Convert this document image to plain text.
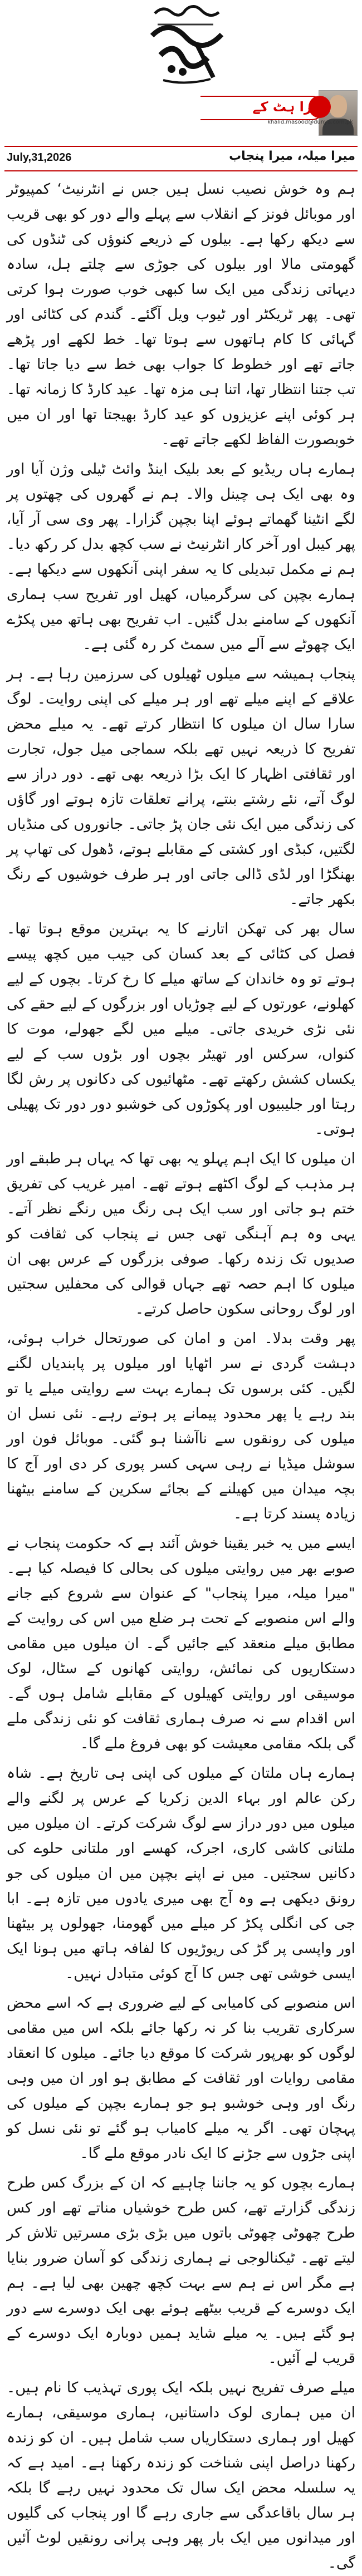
ذرا ہٹ کے
khalid.masood@dunya.com.pk
July,31,2026	میرا میلہ، میرا پنجاب

ہم وہ خوش نصیب نسل ہیں جس نے انٹرنیٹ‘ کمپیوٹر اور موبائل فونز کے انقلاب سے پہلے والے دور کو بھی قریب سے دیکھ رکھا ہے۔ بیلوں کے ذریعے کنوؤں کی ٹنڈوں کی گھومتی مالا اور بیلوں کی جوڑی سے چلتے ہل، سادہ دیہاتی زندگی میں ایک سا کبھی خوب صورت ہوا کرتی تھی۔ پھر ٹریکٹر اور ٹیوب ویل آگئے۔ گندم کی کٹائی اور گہائی کا کام ہاتھوں سے ہوتا تھا۔ خط لکھے اور پڑھے جاتے تھے اور خطوط کا جواب بھی خط سے دیا جاتا تھا۔ تب جتنا انتظار تھا، اتنا ہی مزہ تھا۔ عید کارڈ کا زمانہ تھا۔ ہر کوئی اپنے عزیزوں کو عید کارڈ بھیجتا تھا اور ان میں خوبصورت الفاظ لکھے جاتے تھے۔

ہمارے ہاں ریڈیو کے بعد بلیک اینڈ وائٹ ٹیلی وژن آیا اور وہ بھی ایک ہی چینل والا۔ ہم نے گھروں کی چھتوں پر لگے انٹینا گھماتے ہوئے اپنا بچپن گزارا۔ پھر وی سی آر آیا، پھر کیبل اور آخر کار انٹرنیٹ نے سب کچھ بدل کر رکھ دیا۔ ہم نے مکمل تبدیلی کا یہ سفر اپنی آنکھوں سے دیکھا ہے۔ ہمارے بچپن کی سرگرمیاں، کھیل اور تفریح سب ہماری آنکھوں کے سامنے بدل گئیں۔ اب تفریح بھی ہاتھ میں پکڑے ایک چھوٹے سے آلے میں سمٹ کر رہ گئی ہے۔

پنجاب ہمیشہ سے میلوں ٹھیلوں کی سرزمین رہا ہے۔ ہر علاقے کے اپنے میلے تھے اور ہر میلے کی اپنی روایت۔ لوگ سارا سال ان میلوں کا انتظار کرتے تھے۔ یہ میلے محض تفریح کا ذریعہ نہیں تھے بلکہ سماجی میل جول، تجارت اور ثقافتی اظہار کا ایک بڑا ذریعہ بھی تھے۔ دور دراز سے لوگ آتے، نئے رشتے بنتے، پرانے تعلقات تازہ ہوتے اور گاؤں کی زندگی میں ایک نئی جان پڑ جاتی۔ جانوروں کی منڈیاں لگتیں، کبڈی اور کشتی کے مقابلے ہوتے، ڈھول کی تھاپ پر بھنگڑا اور لڈی ڈالی جاتی اور ہر طرف خوشیوں کے رنگ بکھر جاتے۔

سال بھر کی تھکن اتارنے کا یہ بہترین موقع ہوتا تھا۔ فصل کی کٹائی کے بعد کسان کی جیب میں کچھ پیسے ہوتے تو وہ خاندان کے ساتھ میلے کا رخ کرتا۔ بچوں کے لیے کھلونے، عورتوں کے لیے چوڑیاں اور بزرگوں کے لیے حقے کی نئی نڑی خریدی جاتی۔ میلے میں لگے جھولے، موت کا کنواں، سرکس اور تھیٹر بچوں اور بڑوں سب کے لیے یکساں کشش رکھتے تھے۔ مٹھائیوں کی دکانوں پر رش لگا رہتا اور جلیبیوں اور پکوڑوں کی خوشبو دور دور تک پھیلی ہوتی۔

ان میلوں کا ایک اہم پہلو یہ بھی تھا کہ یہاں ہر طبقے اور ہر مذہب کے لوگ اکٹھے ہوتے تھے۔ امیر غریب کی تفریق ختم ہو جاتی اور سب ایک ہی رنگ میں رنگے نظر آتے۔ یہی وہ ہم آہنگی تھی جس نے پنجاب کی ثقافت کو صدیوں تک زندہ رکھا۔ صوفی بزرگوں کے عرس بھی ان میلوں کا اہم حصہ تھے جہاں قوالی کی محفلیں سجتیں اور لوگ روحانی سکون حاصل کرتے۔

پھر وقت بدلا۔ امن و امان کی صورتحال خراب ہوئی، دہشت گردی نے سر اٹھایا اور میلوں پر پابندیاں لگنے لگیں۔ کئی برسوں تک ہمارے بہت سے روایتی میلے یا تو بند رہے یا پھر محدود پیمانے پر ہوتے رہے۔ نئی نسل ان میلوں کی رونقوں سے ناآشنا ہو گئی۔ موبائل فون اور سوشل میڈیا نے رہی سہی کسر پوری کر دی اور آج کا بچہ میدان میں کھیلنے کے بجائے سکرین کے سامنے بیٹھنا زیادہ پسند کرتا ہے۔

ایسے میں یہ خبر یقینا خوش آئند ہے کہ حکومت پنجاب نے صوبے بھر میں روایتی میلوں کی بحالی کا فیصلہ کیا ہے۔ "میرا میلہ، میرا پنجاب" کے عنوان سے شروع کیے جانے والے اس منصوبے کے تحت ہر ضلع میں اس کی روایت کے مطابق میلے منعقد کیے جائیں گے۔ ان میلوں میں مقامی دستکاریوں کی نمائش، روایتی کھانوں کے سٹال، لوک موسیقی اور روایتی کھیلوں کے مقابلے شامل ہوں گے۔ اس اقدام سے نہ صرف ہماری ثقافت کو نئی زندگی ملے گی بلکہ مقامی معیشت کو بھی فروغ ملے گا۔

ہمارے ہاں ملتان کے میلوں کی اپنی ہی تاریخ ہے۔ شاہ رکن عالم اور بہاء الدین زکریا کے عرس پر لگنے والے میلوں میں دور دراز سے لوگ شرکت کرتے۔ ان میلوں میں ملتانی کاشی کاری، اجرک، کھسے اور ملتانی حلوے کی دکانیں سجتیں۔ میں نے اپنے بچپن میں ان میلوں کی جو رونق دیکھی ہے وہ آج بھی میری یادوں میں تازہ ہے۔ ابا جی کی انگلی پکڑ کر میلے میں گھومنا، جھولوں پر بیٹھنا اور واپسی پر گڑ کی ریوڑیوں کا لفافہ ہاتھ میں ہونا ایک ایسی خوشی تھی جس کا آج کوئی متبادل نہیں۔

اس منصوبے کی کامیابی کے لیے ضروری ہے کہ اسے محض سرکاری تقریب بنا کر نہ رکھا جائے بلکہ اس میں مقامی لوگوں کو بھرپور شرکت کا موقع دیا جائے۔ میلوں کا انعقاد مقامی روایات اور ثقافت کے مطابق ہو اور ان میں وہی رنگ اور وہی خوشبو ہو جو ہمارے بچپن کے میلوں کی پہچان تھی۔ اگر یہ میلے کامیاب ہو گئے تو نئی نسل کو اپنی جڑوں سے جڑنے کا ایک نادر موقع ملے گا۔

ہمارے بچوں کو یہ جاننا چاہیے کہ ان کے بزرگ کس طرح زندگی گزارتے تھے، کس طرح خوشیاں مناتے تھے اور کس طرح چھوٹی چھوٹی باتوں میں بڑی بڑی مسرتیں تلاش کر لیتے تھے۔ ٹیکنالوجی نے ہماری زندگی کو آسان ضرور بنایا ہے مگر اس نے ہم سے بہت کچھ چھین بھی لیا ہے۔ ہم ایک دوسرے کے قریب بیٹھے ہوئے بھی ایک دوسرے سے دور ہو گئے ہیں۔ یہ میلے شاید ہمیں دوبارہ ایک دوسرے کے قریب لے آئیں۔

میلے صرف تفریح نہیں بلکہ ایک پوری تہذیب کا نام ہیں۔ ان میں ہماری لوک داستانیں، ہماری موسیقی، ہمارے کھیل اور ہماری دستکاریاں سب شامل ہیں۔ ان کو زندہ رکھنا دراصل اپنی شناخت کو زندہ رکھنا ہے۔ امید ہے کہ یہ سلسلہ محض ایک سال تک محدود نہیں رہے گا بلکہ ہر سال باقاعدگی سے جاری رہے گا اور پنجاب کی گلیوں اور میدانوں میں ایک بار پھر وہی پرانی رونقیں لوٹ آئیں گی۔
